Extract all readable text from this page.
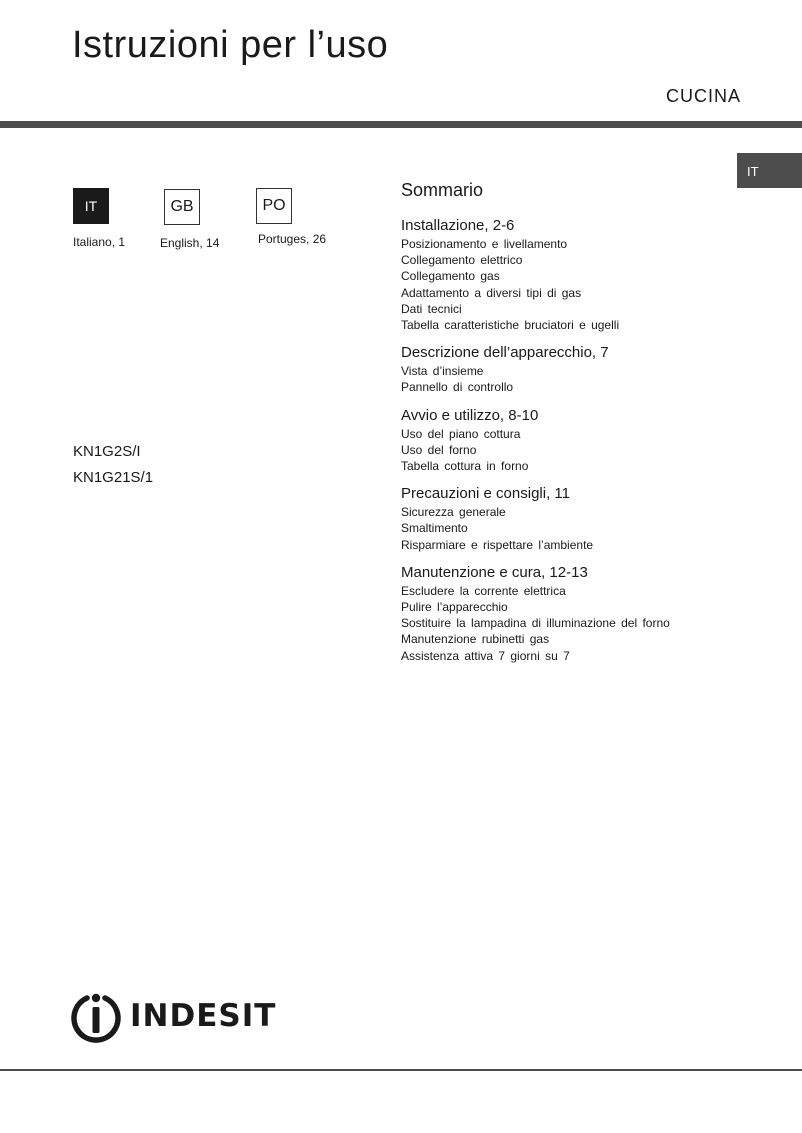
Istruzioni per l’uso
CUCINA
IT
IT	GB	PO
Italiano, 1	English, 14	Portuges, 26
KN1G2S/I
KN1G21S/1
Sommario
Installazione, 2-6
Posizionamento e livellamento
Collegamento elettrico
Collegamento gas
Adattamento a diversi tipi di gas
Dati tecnici
Tabella caratteristiche bruciatori e ugelli
Descrizione dell’apparecchio, 7
Vista d’insieme
Pannello di controllo
Avvio e utilizzo, 8-10
Uso del piano cottura
Uso del forno
Tabella cottura in forno
Precauzioni e consigli, 11
Sicurezza generale
Smaltimento
Risparmiare e rispettare l’ambiente
Manutenzione e cura, 12-13
Escludere la corrente elettrica
Pulire l’apparecchio
Sostituire la lampadina di illuminazione del forno
Manutenzione rubinetti gas
Assistenza attiva 7 giorni su 7
INDESIT
